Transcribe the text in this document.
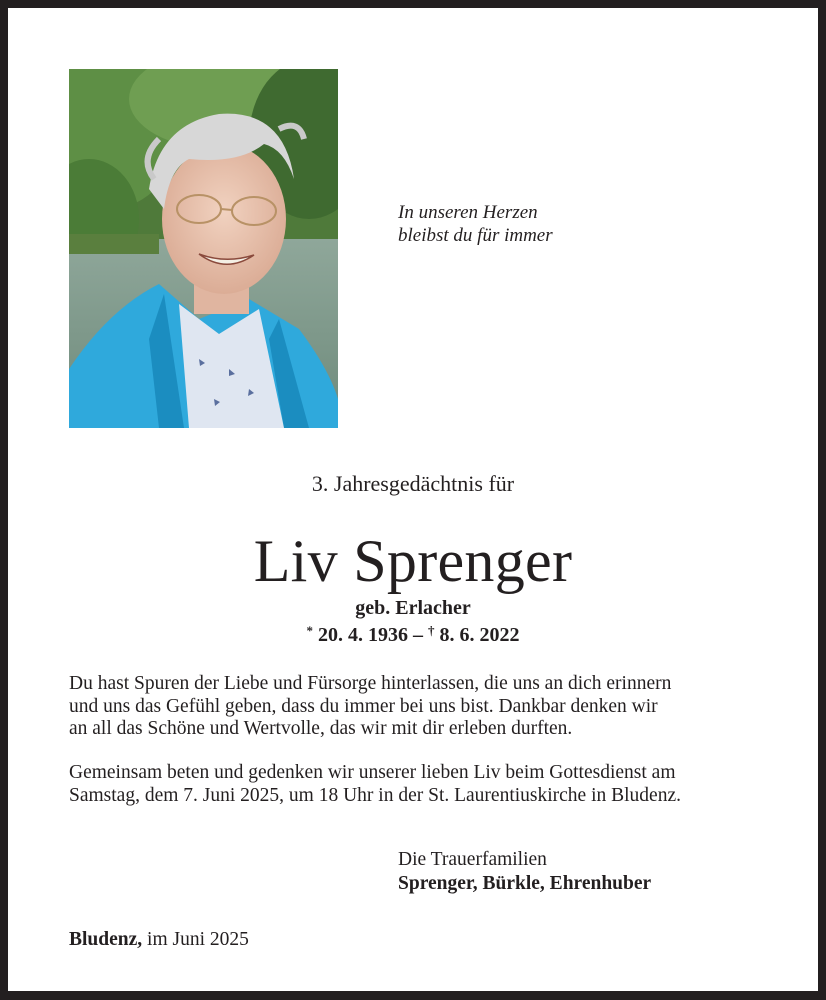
In unseren Herzen
bleibst du für immer
3. Jahresgedächtnis für
Liv Sprenger
geb. Erlacher
* 20. 4. 1936 – † 8. 6. 2022
Du hast Spuren der Liebe und Fürsorge hinterlassen, die uns an dich erinnern
und uns das Gefühl geben, dass du immer bei uns bist. Dankbar denken wir
an all das Schöne und Wertvolle, das wir mit dir erleben durften.
Gemeinsam beten und gedenken wir unserer lieben Liv beim Gottesdienst am
Samstag, dem 7. Juni 2025, um 18 Uhr in der St. Laurentiuskirche in Bludenz.
Die Trauerfamilien
Sprenger, Bürkle, Ehrenhuber
Bludenz, im Juni 2025
